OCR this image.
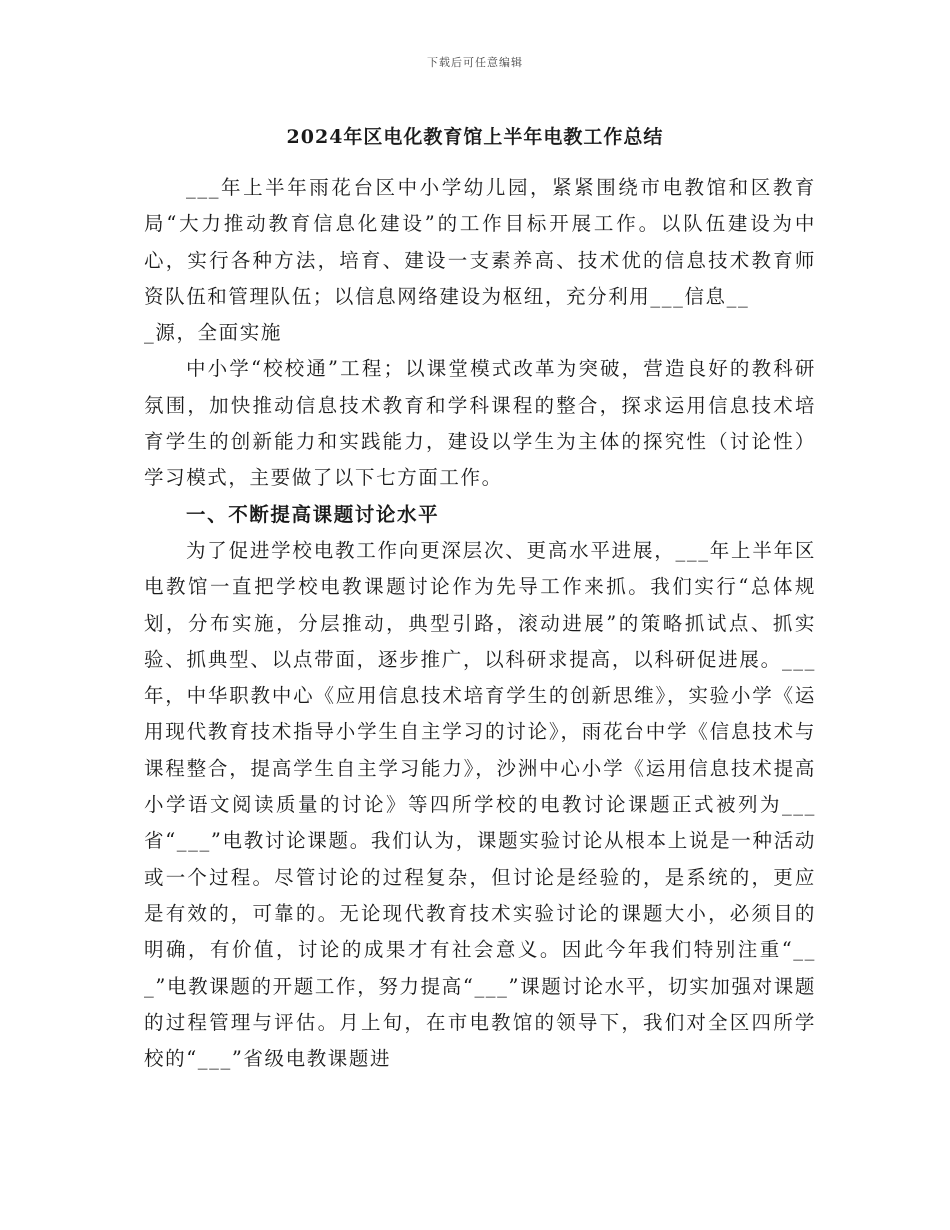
下载后可任意编辑
2024年区电化教育馆上半年电教工作总结

___年上半年雨花台区中小学幼儿园，紧紧围绕市电教馆和区教育局“大力推动教育信息化建设”的工作目标开展工作。以队伍建设为中心，实行各种方法，培育、建设一支素养高、技术优的信息技术教育师资队伍和管理队伍；以信息网络建设为枢纽，充分利用___信息__

_源，全面实施

中小学“校校通”工程；以课堂模式改革为突破，营造良好的教科研氛围，加快推动信息技术教育和学科课程的整合，探求运用信息技术培育学生的创新能力和实践能力，建设以学生为主体的探究性（讨论性）学习模式，主要做了以下七方面工作。

一、不断提高课题讨论水平

为了促进学校电教工作向更深层次、更高水平进展，___年上半年区电教馆一直把学校电教课题讨论作为先导工作来抓。我们实行“总体规划，分布实施，分层推动，典型引路，滚动进展”的策略抓试点、抓实验、抓典型、以点带面，逐步推广，以科研求提高，以科研促进展。___年，中华职教中心《应用信息技术培育学生的创新思维》，实验小学《运用现代教育技术指导小学生自主学习的讨论》，雨花台中学《信息技术与课程整合，提高学生自主学习能力》，沙洲中心小学《运用信息技术提高小学语文阅读质量的讨论》等四所学校的电教讨论课题正式被列为___省“___”电教讨论课题。我们认为，课题实验讨论从根本上说是一种活动或一个过程。尽管讨论的过程复杂，但讨论是经验的，是系统的，更应是有效的，可靠的。无论现代教育技术实验讨论的课题大小，必须目的明确，有价值，讨论的成果才有社会意义。因此今年我们特别注重“___”电教课题的开题工作，努力提高“___”课题讨论水平，切实加强对课题的过程管理与评估。月上旬，在市电教馆的领导下，我们对全区四所学校的“___”省级电教课题进
